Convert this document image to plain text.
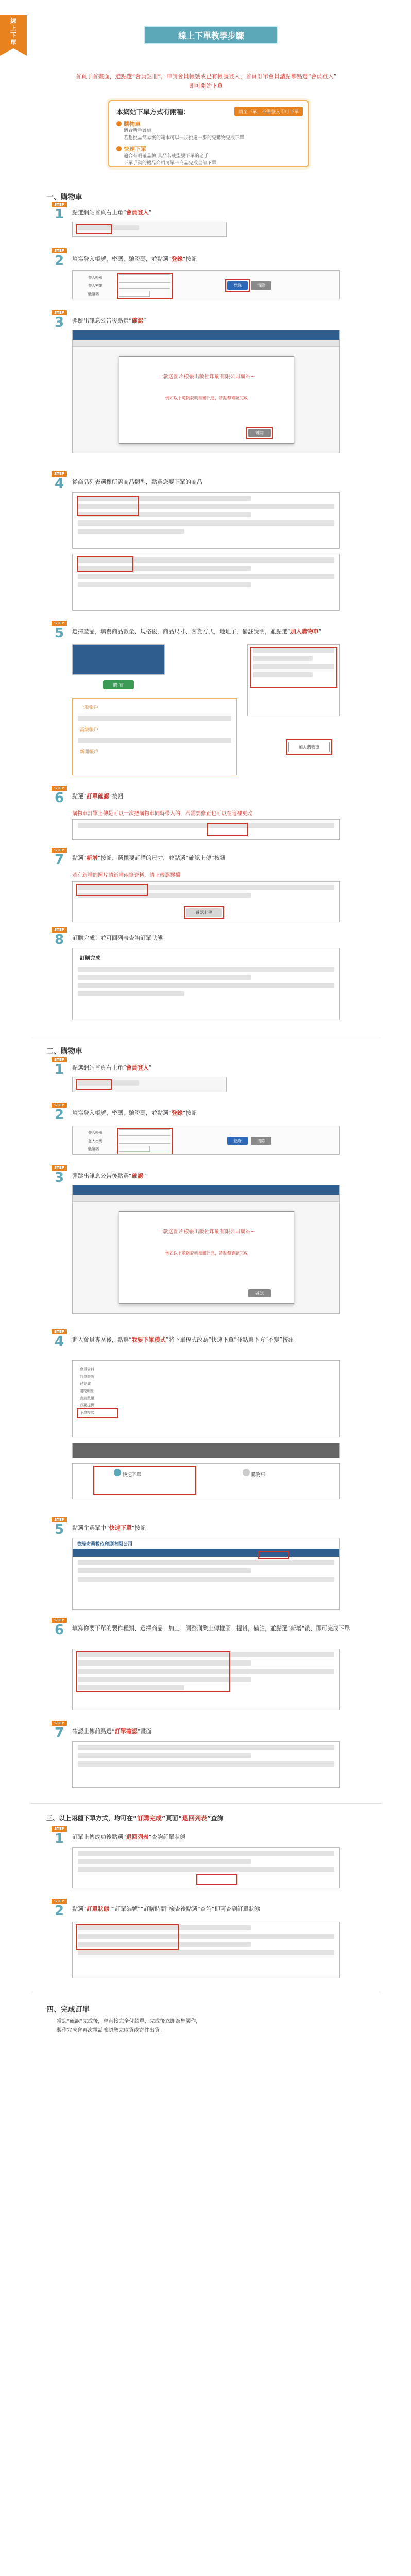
線上下單	線上下單教學步驟
首頁于首畫面，選點選“會員註冊”，申請會員帳號或已有帳號登入，首頁訂單會員請點擊點選“會員登入”
即可開始下單
本網站下單方式有兩種：	請至下單，不需登入即可下單
購物車
適合新手會員
若想挑品簡易後的範本可以一步挑選一步的完購物完成下單
快速下單
適合有明確品牌,具品名或型號下單的老手
下單手動的機品介紹可單一商品完成全部下單
一、購物車
STEP
1	點選網站首頁右上角“會員登入”
STEP
2	填寫登入帳號、密碼、驗證碼，並點選“登錄”按鈕
登入帳號
登入密碼
驗證碼
登錄	清除
STEP
3	彈跳出訊息公告後點選“確認”
一款送圖片樣張出版社印刷有限公司網站~
例如以下範例說明相關訊息，請點擊確認完成
確認
STEP
4	從商品列表選擇所需商品類型，點選您要下單的商品
STEP
5	選擇產品，填寫商品數量、規格後，商品尺寸、客貨方式，地址了，備註說明，並點選“加入購物車”
購 買
一般帳戶
高級帳戶
新開帳戶
加入購物車
STEP
6	點選“訂單確認”按鈕
購物車訂單上傳是可以一次把購物車同時帶入的，若需要修正也可以在這裡更改
STEP
7	點選“新增”按鈕，選擇要訂購的尺寸，並點選“確認上傳”按鈕
若有新增的圖片請新增兩筆資料，請上傳選擇檔
確認上傳
STEP
8	訂購完成！並可回列表查詢訂單狀態
訂購完成
二、購物車
STEP
1	點選網站首頁右上角“會員登入”
STEP
2	填寫登入帳號、密碼、驗證碼，並點選“登錄”按鈕
登入帳號
登入密碼
驗證碼
登錄	清除
STEP
3	彈跳出訊息公告後點選“確認”
一款送圖片樣張出版社印刷有限公司網站~
例如以下範例說明相關訊息，請點擊確認完成
確認
STEP
4	進入會員專區後，點選“我要下單模式”將下單模式改為“快速下單”並點選下方“不變”按鈕
會員資料
訂單查詢
已完成
購物明細
查詢數量
我要提供
下單模式
快速下單	購物車
STEP
5	點選主選單中“快速下單”按鈕
美瑞宏業數位印刷有限公司
STEP
6	填寫你要下單的製作種類、選擇商品、加工、調整刑業上傳樣圖、提貨，備註，並點選“新增”後，即可完成下單
STEP
7	確認上傳前點選“訂單確認”畫面
三、以上兩種下單方式，均可在“訂購完成”頁面“退回列表”查詢
STEP
1	訂單上傳成功後點選“退回列表”查詢訂單狀態
STEP
2	點選“訂單狀態”“訂單編號”“訂購時間”檢查後點選“查詢”即可查到訂單狀態
四、完成訂單
當您“確認”完成後，會直接完全付款單，完成後立即為您製作，
製作完成會再次電話確認您完取貨或寄件出貨。
